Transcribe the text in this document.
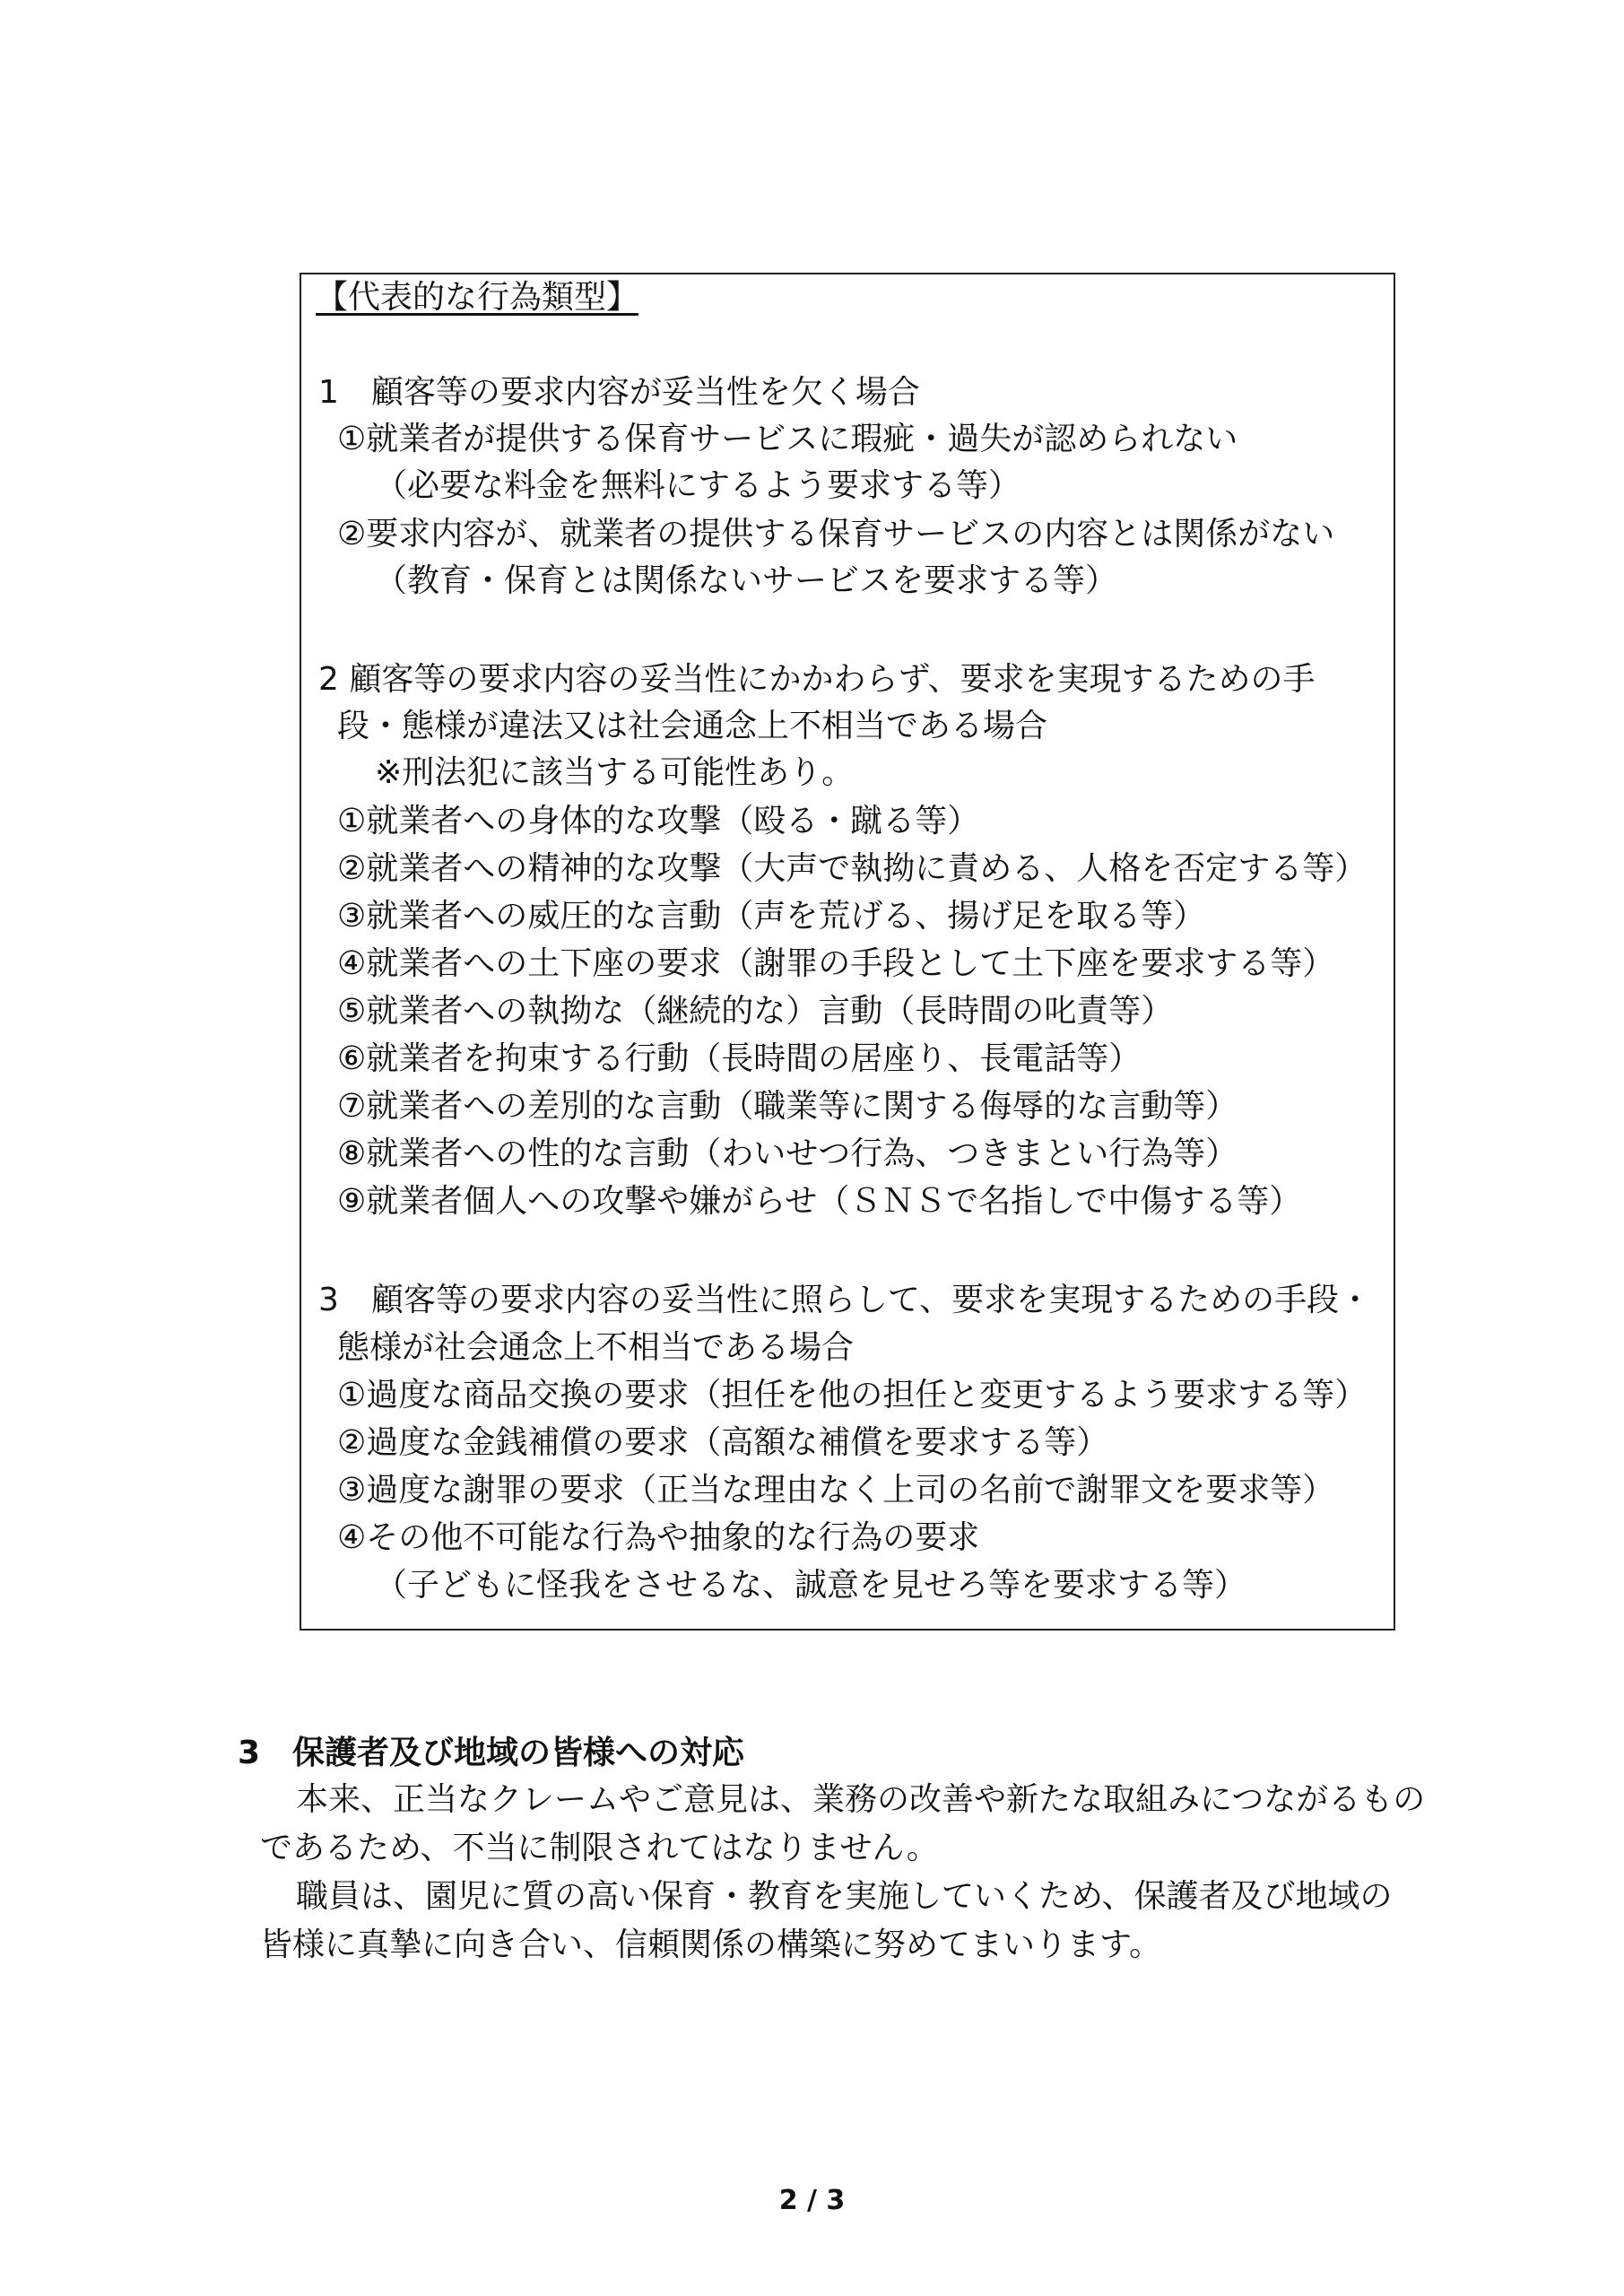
【代表的な行為類型】
1　顧客等の要求内容が妥当性を欠く場合
①就業者が提供する保育サービスに瑕疵・過失が認められない
（必要な料金を無料にするよう要求する等）
②要求内容が、就業者の提供する保育サービスの内容とは関係がない
（教育・保育とは関係ないサービスを要求する等）
2 顧客等の要求内容の妥当性にかかわらず、要求を実現するための手
段・態様が違法又は社会通念上不相当である場合
※刑法犯に該当する可能性あり。
①就業者への身体的な攻撃（殴る・蹴る等）
②就業者への精神的な攻撃（大声で執拗に責める、人格を否定する等）
③就業者への威圧的な言動（声を荒げる、揚げ足を取る等）
④就業者への土下座の要求（謝罪の手段として土下座を要求する等）
⑤就業者への執拗な（継続的な）言動（長時間の叱責等）
⑥就業者を拘束する行動（長時間の居座り、長電話等）
⑦就業者への差別的な言動（職業等に関する侮辱的な言動等）
⑧就業者への性的な言動（わいせつ行為、つきまとい行為等）
⑨就業者個人への攻撃や嫌がらせ（ＳＮＳで名指しで中傷する等）
3　顧客等の要求内容の妥当性に照らして、要求を実現するための手段・
態様が社会通念上不相当である場合
①過度な商品交換の要求（担任を他の担任と変更するよう要求する等）
②過度な金銭補償の要求（高額な補償を要求する等）
③過度な謝罪の要求（正当な理由なく上司の名前で謝罪文を要求等）
④その他不可能な行為や抽象的な行為の要求
（子どもに怪我をさせるな、誠意を見せろ等を要求する等）
3　保護者及び地域の皆様への対応
本来、正当なクレームやご意見は、業務の改善や新たな取組みにつながるもの
であるため、不当に制限されてはなりません。
職員は、園児に質の高い保育・教育を実施していくため、保護者及び地域の
皆様に真摯に向き合い、信頼関係の構築に努めてまいります。
2 / 3
